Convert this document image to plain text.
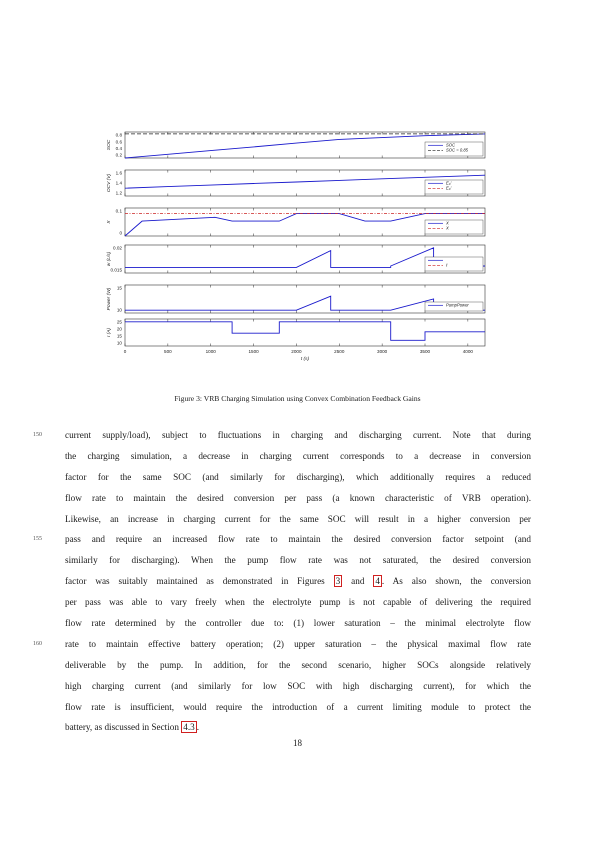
0.8
0.6
0.4
0.2
SOC	SOC
SOC = 0.85
1.6
1.4
1.2
OCV (V)	E₀′
E₀′
0.1
0
X	X
X
0.02
0.015
w (L/s)	ℓ
15
10
Power (W)	PumpPower
25
20
15
10
I (A)
0	500	1000	1500	2000	2500	3000	3500	4000
t (s)
Figure 3: VRB Charging Simulation using Convex Combination Feedback Gains
150	current supply/load), subject to fluctuations in charging and discharging current. Note that during
the charging simulation, a decrease in charging current corresponds to a decrease in conversion
factor for the same SOC (and similarly for discharging), which additionally requires a reduced
flow rate to maintain the desired conversion per pass (a known characteristic of VRB operation).
Likewise, an increase in charging current for the same SOC will result in a higher conversion per
155	pass and require an increased flow rate to maintain the desired conversion factor setpoint (and
similarly for discharging). When the pump flow rate was not saturated, the desired conversion
factor was suitably maintained as demonstrated in Figures 3 and 4 . As also shown, the conversion
per pass was able to vary freely when the electrolyte pump is not capable of delivering the required
flow rate determined by the controller due to: (1) lower saturation – the minimal electrolyte flow
160	rate to maintain effective battery operation; (2) upper saturation – the physical maximal flow rate
deliverable by the pump. In addition, for the second scenario, higher SOCs alongside relatively
high charging current (and similarly for low SOC with high discharging current), for which the
flow rate is insufficient, would require the introduction of a current limiting module to protect the
battery, as discussed in Section 4.3 .
18
